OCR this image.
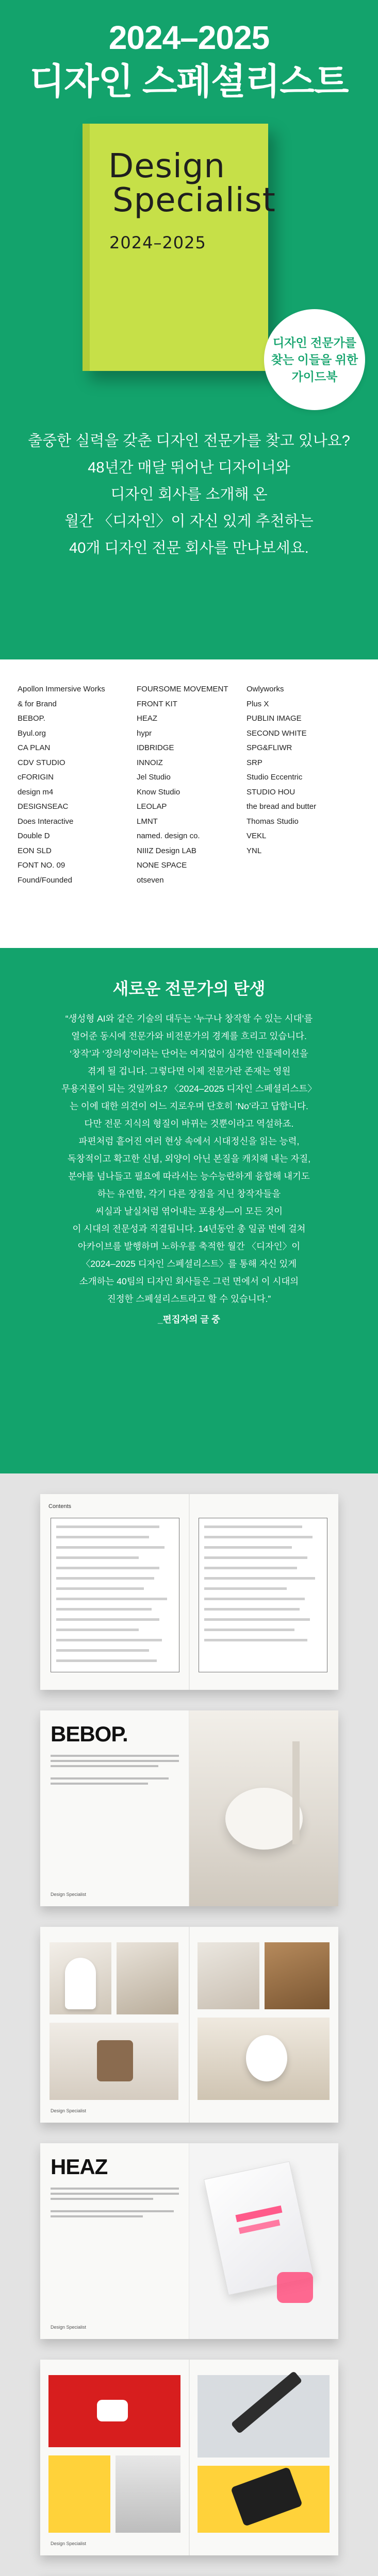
2024–2025
디자인 스페셜리스트
Design
Specialist
2024–2025
디자인 전문가를
찾는 이들을 위한
가이드북

출중한 실력을 갖춘 디자인 전문가를 찾고 있나요?

48년간 매달 뛰어난 디자이너와

디자인 회사를 소개해 온

월간 〈디자인〉이 자신 있게 추천하는

40개 디자인 전문 회사를 만나보세요.

Apollon Immersive Works
& for Brand
BEBOP.
Byul.org
CA PLAN
CDV STUDIO
cFORIGIN
design m4
DESIGNSEAC
Does Interactive
Double D
EON SLD
FONT NO. 09
Found/Founded
FOURSOME MOVEMENT
FRONT KIT
HEAZ
hypr
IDBRIDGE
INNOIZ
Jel Studio
Know Studio
LEOLAP
LMNT
named. design co.
NIIIZ Design LAB
NONE SPACE
otseven
Owlyworks
Plus X
PUBLIN IMAGE
SECOND WHITE
SPG&FLIWR
SRP
Studio Eccentric
STUDIO HOU
the bread and butter
Thomas Studio
VEKL
YNL
새로운 전문가의 탄생
“생성형 AI와 같은 기술의 대두는 ‘누구나 창작할 수 있는 시대’를
열어준 동시에 전문가와 비전문가의 경계를 흐리고 있습니다.
‘창작’과 ‘장의성’이라는 단어는 여지없이 심각한 인플레이션을
겪게 될 겁니다. 그렇다면 이제 전문가란 존재는 영원
무용지물이 되는 것일까요? 〈2024–2025 디자인 스페셜리스트〉
는 이에 대한 의견이 어느 지로우며 단호히 ‘No’라고 답합니다.
다만 전문 지식의 형질이 바뀌는 것뿐이라고 역설하죠.
파편처럼 흩어진 여러 현상 속에서 시대정신을 읽는 능력,
독창적이고 확고한 신념, 외양이 아닌 본질을 캐치해 내는 자질,
분야를 넘나들고 필요에 따라서는 능수능란하게 융합해 내기도
하는 유연함, 각기 다른 장점을 지닌 창작자들을
씨실과 날실처럼 엮어내는 포용성—이 모든 것이
이 시대의 전문성과 직결됩니다. 14년동안 총 일곱 번에 걸쳐
아카이브를 발행하며 노하우를 축적한 월간 〈디자인〉이
〈2024–2025 디자인 스페셜리스트〉를 통해 자신 있게
소개하는 40팀의 디자인 회사들은 그런 면에서 이 시대의
진정한 스페셜리스트라고 할 수 있습니다.”
_편집자의 글 중
Contents
BEBOP.
Design Specialist
Design Specialist
HEAZ
Design Specialist
Design Specialist
